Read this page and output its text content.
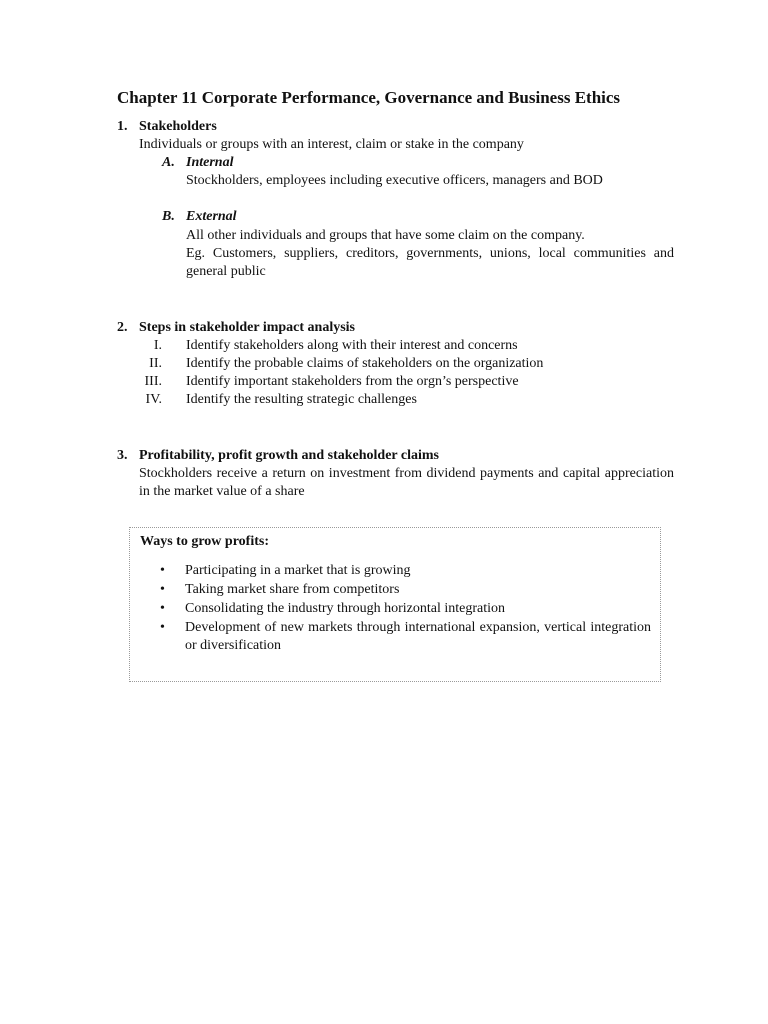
Chapter 11 Corporate Performance, Governance and Business Ethics
1. Stakeholders
Individuals or groups with an interest, claim or stake in the company
A. Internal
Stockholders, employees including executive officers, managers and BOD
B. External
All other individuals and groups that have some claim on the company.
Eg. Customers, suppliers, creditors, governments, unions, local communities and general public
2. Steps in stakeholder impact analysis
I. Identify stakeholders along with their interest and concerns
II. Identify the probable claims of stakeholders on the organization
III. Identify important stakeholders from the orgn’s perspective
IV. Identify the resulting strategic challenges
3. Profitability, profit growth and stakeholder claims
Stockholders receive a return on investment from dividend payments and capital appreciation in the market value of a share
Ways to grow profits:
• Participating in a market that is growing
• Taking market share from competitors
• Consolidating the industry through horizontal integration
• Development of new markets through international expansion, vertical integration or diversification
